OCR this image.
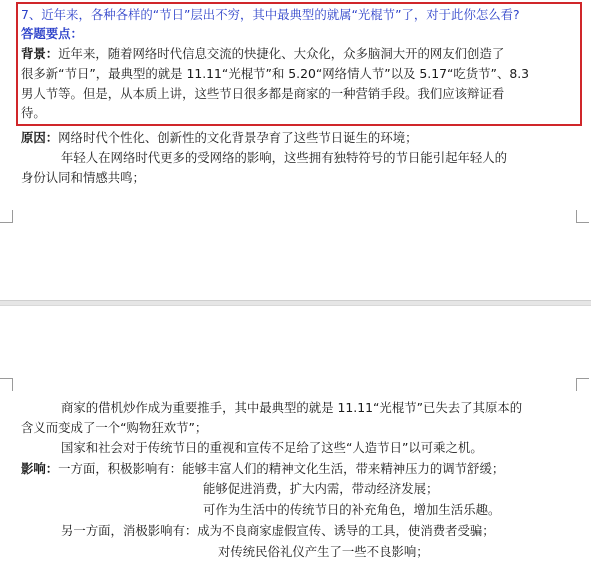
7、近年来，各种各样的“节日”层出不穷，其中最典型的就属“光棍节”了，对于此你怎么看?
答题要点：
背景：近年来，随着网络时代信息交流的快捷化、大众化，众多脑洞大开的网友们创造了
很多新“节日”，最典型的就是 11.11“光棍节”和 5.20“网络情人节”以及 5.17“吃货节”、8.3
男人节等。但是，从本质上讲，这些节日很多都是商家的一种营销手段。我们应该辩证看
待。
原因：网络时代个性化、创新性的文化背景孕育了这些节日诞生的环境；
年轻人在网络时代更多的受网络的影响，这些拥有独特符号的节日能引起年轻人的
身份认同和情感共鸣；
商家的借机炒作成为重要推手，其中最典型的就是 11.11“光棍节”已失去了其原本的
含义而变成了一个“购物狂欢节”；
国家和社会对于传统节日的重视和宣传不足给了这些“人造节日”以可乘之机。
影响：一方面，积极影响有：能够丰富人们的精神文化生活，带来精神压力的调节舒缓；
能够促进消费，扩大内需，带动经济发展；
可作为生活中的传统节日的补充角色，增加生活乐趣。
另一方面，消极影响有：成为不良商家虚假宣传、诱导的工具，使消费者受骗；
对传统民俗礼仪产生了一些不良影响；
